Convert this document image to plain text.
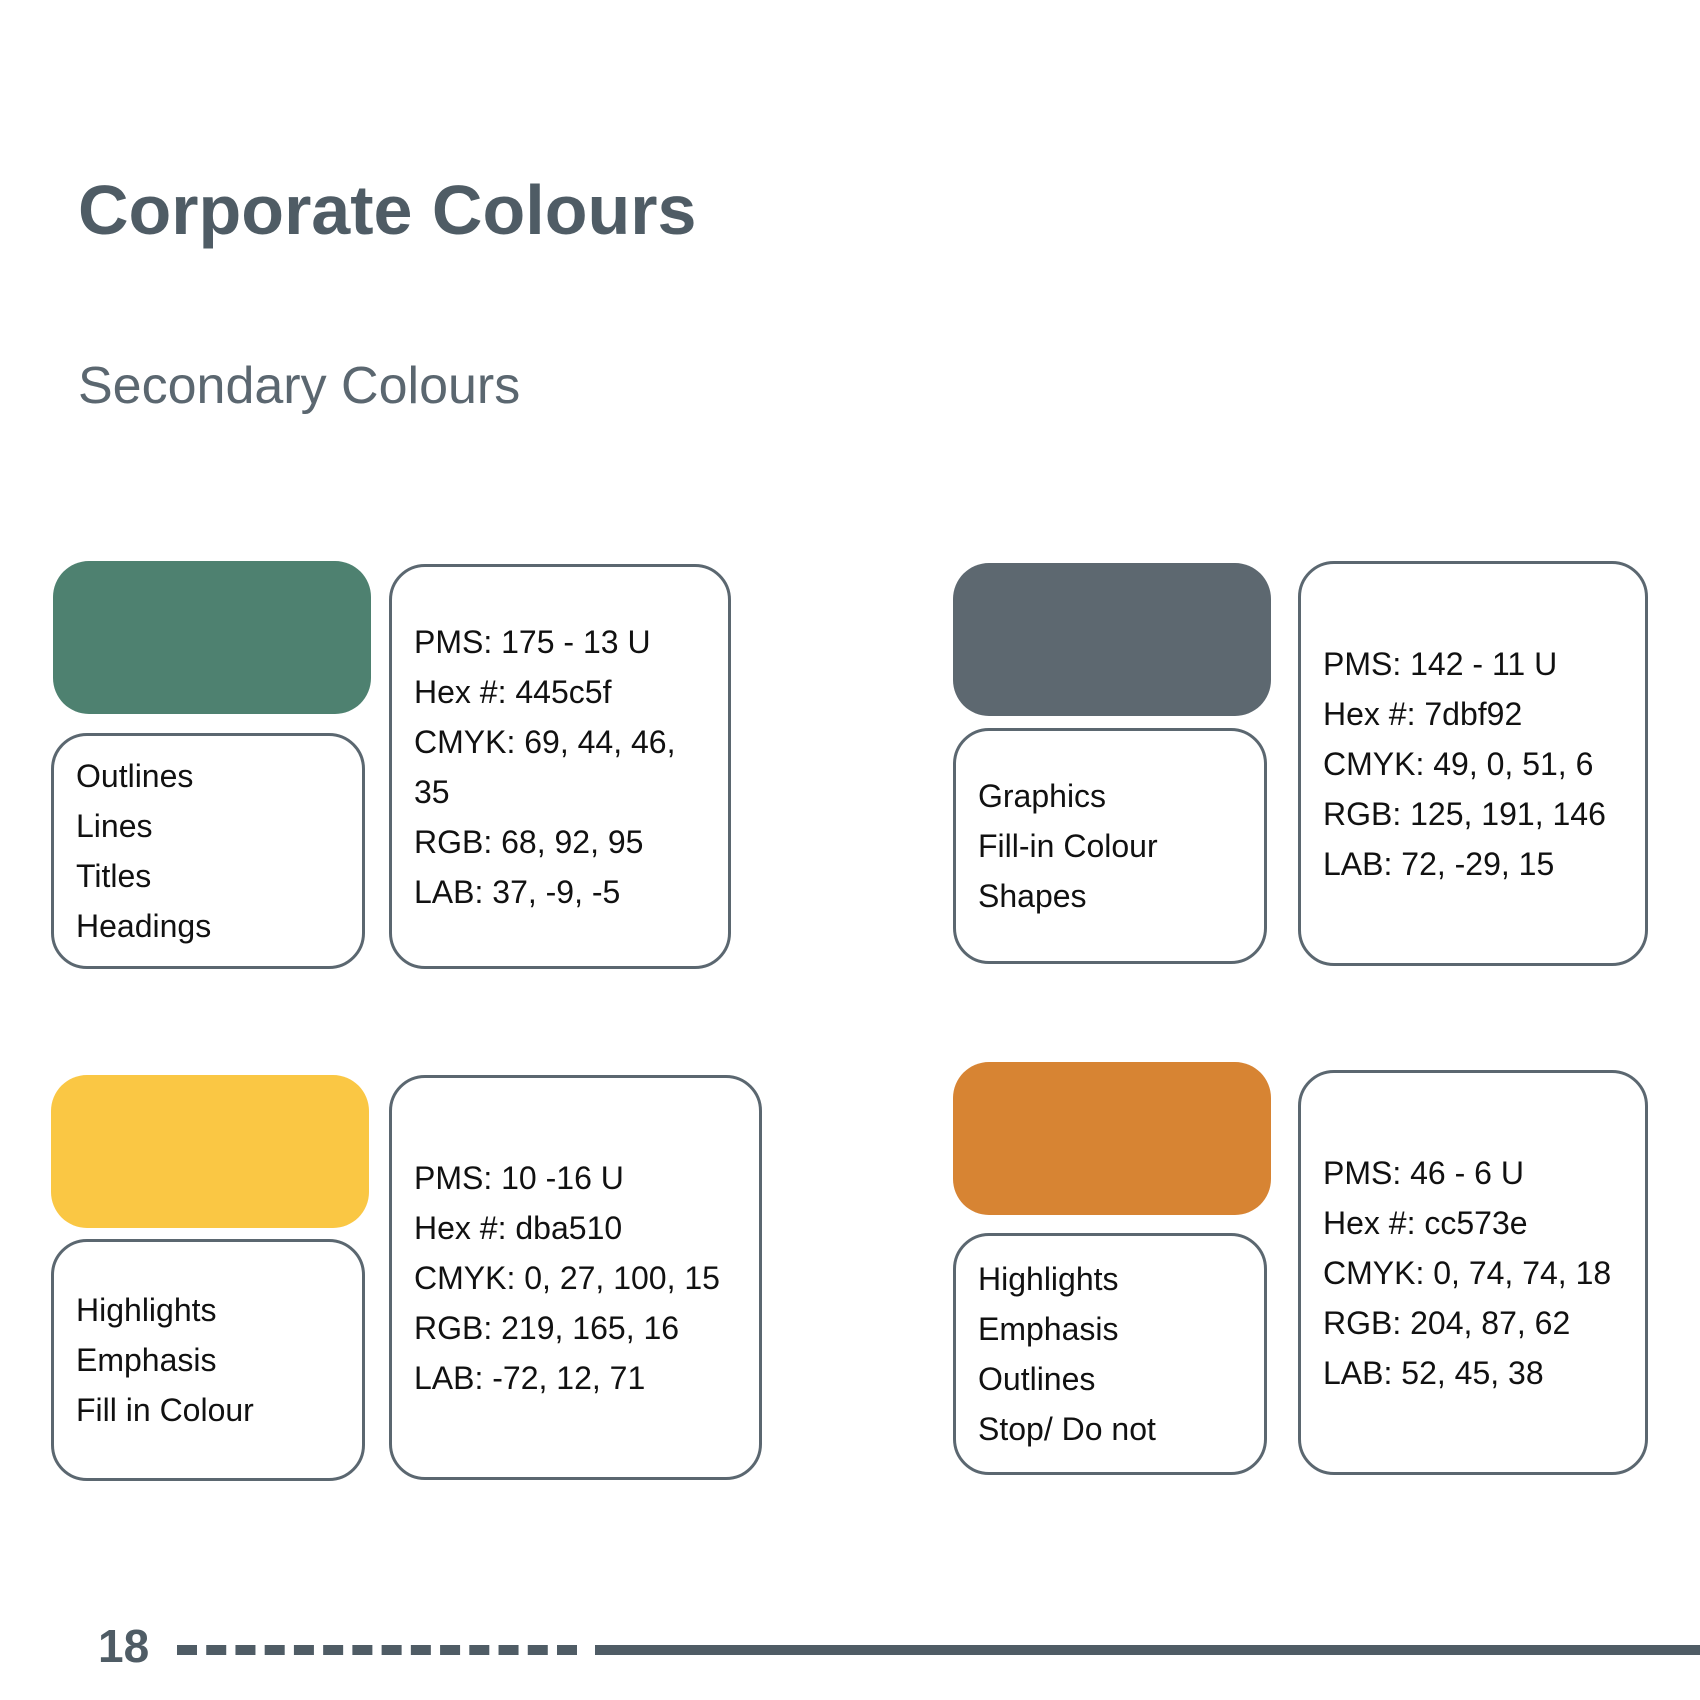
Corporate Colours
Secondary Colours
Outlines
Lines
Titles
Headings
PMS: 175 - 13 U
Hex #: 445c5f
CMYK: 69, 44, 46,
35
RGB: 68, 92, 95
LAB: 37, -9, -5
Graphics
Fill-in Colour
Shapes
PMS: 142 - 11 U
Hex #: 7dbf92
CMYK: 49, 0, 51, 6
RGB: 125, 191, 146
LAB: 72, -29, 15
Highlights
Emphasis
Fill in Colour
PMS: 10 -16 U
Hex #: dba510
CMYK: 0, 27, 100, 15
RGB: 219, 165, 16
LAB: -72, 12, 71
Highlights
Emphasis
Outlines
Stop/ Do not
PMS: 46 - 6 U
Hex #: cc573e
CMYK: 0, 74, 74, 18
RGB: 204, 87, 62
LAB: 52, 45, 38
18
